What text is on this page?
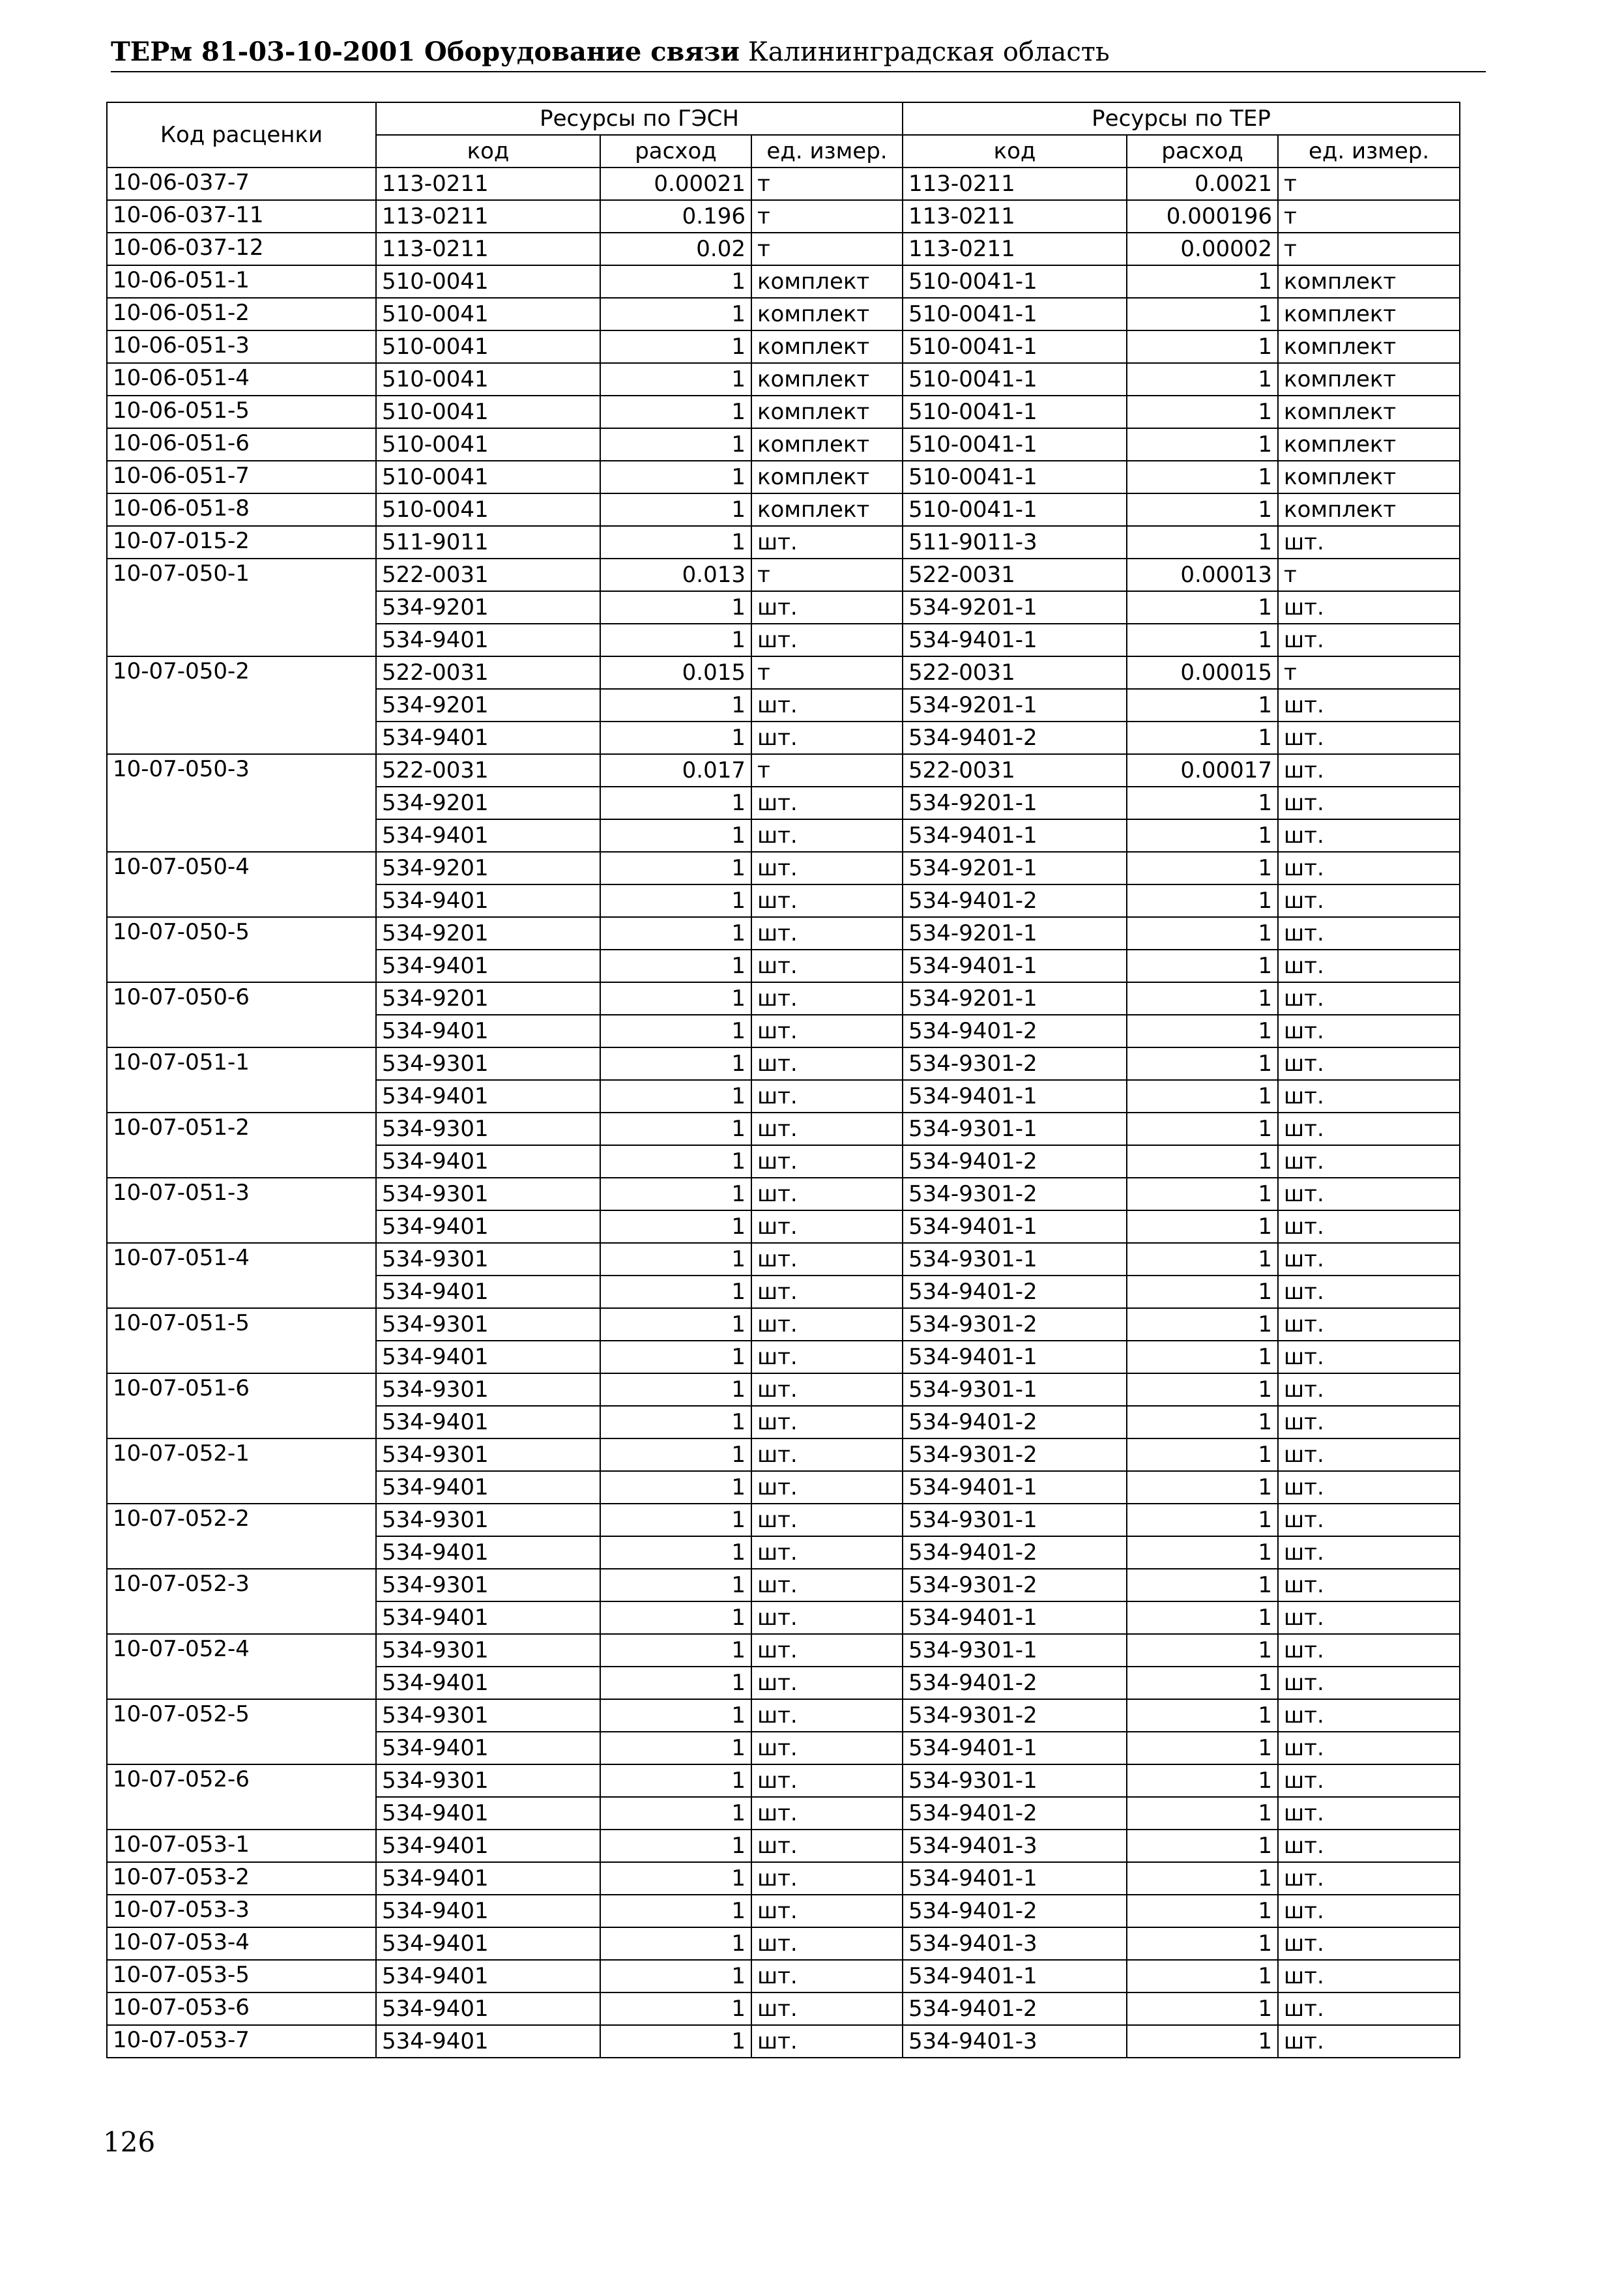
ТЕРм 81-03-10-2001 Оборудование связи Калининградская область
Код расценки	Ресурсы по ГЭСН			Ресурсы по ТЕР		
	код	расход	ед. измер.	код	расход	ед. измер.
10-06-037-7	113-0211	0.00021	т	113-0211	0.0021	т
10-06-037-11	113-0211	0.196	т	113-0211	0.000196	т
10-06-037-12	113-0211	0.02	т	113-0211	0.00002	т
10-06-051-1	510-0041	1	комплект	510-0041-1	1	комплект
10-06-051-2	510-0041	1	комплект	510-0041-1	1	комплект
10-06-051-3	510-0041	1	комплект	510-0041-1	1	комплект
10-06-051-4	510-0041	1	комплект	510-0041-1	1	комплект
10-06-051-5	510-0041	1	комплект	510-0041-1	1	комплект
10-06-051-6	510-0041	1	комплект	510-0041-1	1	комплект
10-06-051-7	510-0041	1	комплект	510-0041-1	1	комплект
10-06-051-8	510-0041	1	комплект	510-0041-1	1	комплект
10-07-015-2	511-9011	1	шт.	511-9011-3	1	шт.
10-07-050-1	522-0031	0.013	т	522-0031	0.00013	т
	534-9201	1	шт.	534-9201-1	1	шт.
	534-9401	1	шт.	534-9401-1	1	шт.
10-07-050-2	522-0031	0.015	т	522-0031	0.00015	т
	534-9201	1	шт.	534-9201-1	1	шт.
	534-9401	1	шт.	534-9401-2	1	шт.
10-07-050-3	522-0031	0.017	т	522-0031	0.00017	шт.
	534-9201	1	шт.	534-9201-1	1	шт.
	534-9401	1	шт.	534-9401-1	1	шт.
10-07-050-4	534-9201	1	шт.	534-9201-1	1	шт.
	534-9401	1	шт.	534-9401-2	1	шт.
10-07-050-5	534-9201	1	шт.	534-9201-1	1	шт.
	534-9401	1	шт.	534-9401-1	1	шт.
10-07-050-6	534-9201	1	шт.	534-9201-1	1	шт.
	534-9401	1	шт.	534-9401-2	1	шт.
10-07-051-1	534-9301	1	шт.	534-9301-2	1	шт.
	534-9401	1	шт.	534-9401-1	1	шт.
10-07-051-2	534-9301	1	шт.	534-9301-1	1	шт.
	534-9401	1	шт.	534-9401-2	1	шт.
10-07-051-3	534-9301	1	шт.	534-9301-2	1	шт.
	534-9401	1	шт.	534-9401-1	1	шт.
10-07-051-4	534-9301	1	шт.	534-9301-1	1	шт.
	534-9401	1	шт.	534-9401-2	1	шт.
10-07-051-5	534-9301	1	шт.	534-9301-2	1	шт.
	534-9401	1	шт.	534-9401-1	1	шт.
10-07-051-6	534-9301	1	шт.	534-9301-1	1	шт.
	534-9401	1	шт.	534-9401-2	1	шт.
10-07-052-1	534-9301	1	шт.	534-9301-2	1	шт.
	534-9401	1	шт.	534-9401-1	1	шт.
10-07-052-2	534-9301	1	шт.	534-9301-1	1	шт.
	534-9401	1	шт.	534-9401-2	1	шт.
10-07-052-3	534-9301	1	шт.	534-9301-2	1	шт.
	534-9401	1	шт.	534-9401-1	1	шт.
10-07-052-4	534-9301	1	шт.	534-9301-1	1	шт.
	534-9401	1	шт.	534-9401-2	1	шт.
10-07-052-5	534-9301	1	шт.	534-9301-2	1	шт.
	534-9401	1	шт.	534-9401-1	1	шт.
10-07-052-6	534-9301	1	шт.	534-9301-1	1	шт.
	534-9401	1	шт.	534-9401-2	1	шт.
10-07-053-1	534-9401	1	шт.	534-9401-3	1	шт.
10-07-053-2	534-9401	1	шт.	534-9401-1	1	шт.
10-07-053-3	534-9401	1	шт.	534-9401-2	1	шт.
10-07-053-4	534-9401	1	шт.	534-9401-3	1	шт.
10-07-053-5	534-9401	1	шт.	534-9401-1	1	шт.
10-07-053-6	534-9401	1	шт.	534-9401-2	1	шт.
10-07-053-7	534-9401	1	шт.	534-9401-3	1	шт.
126
